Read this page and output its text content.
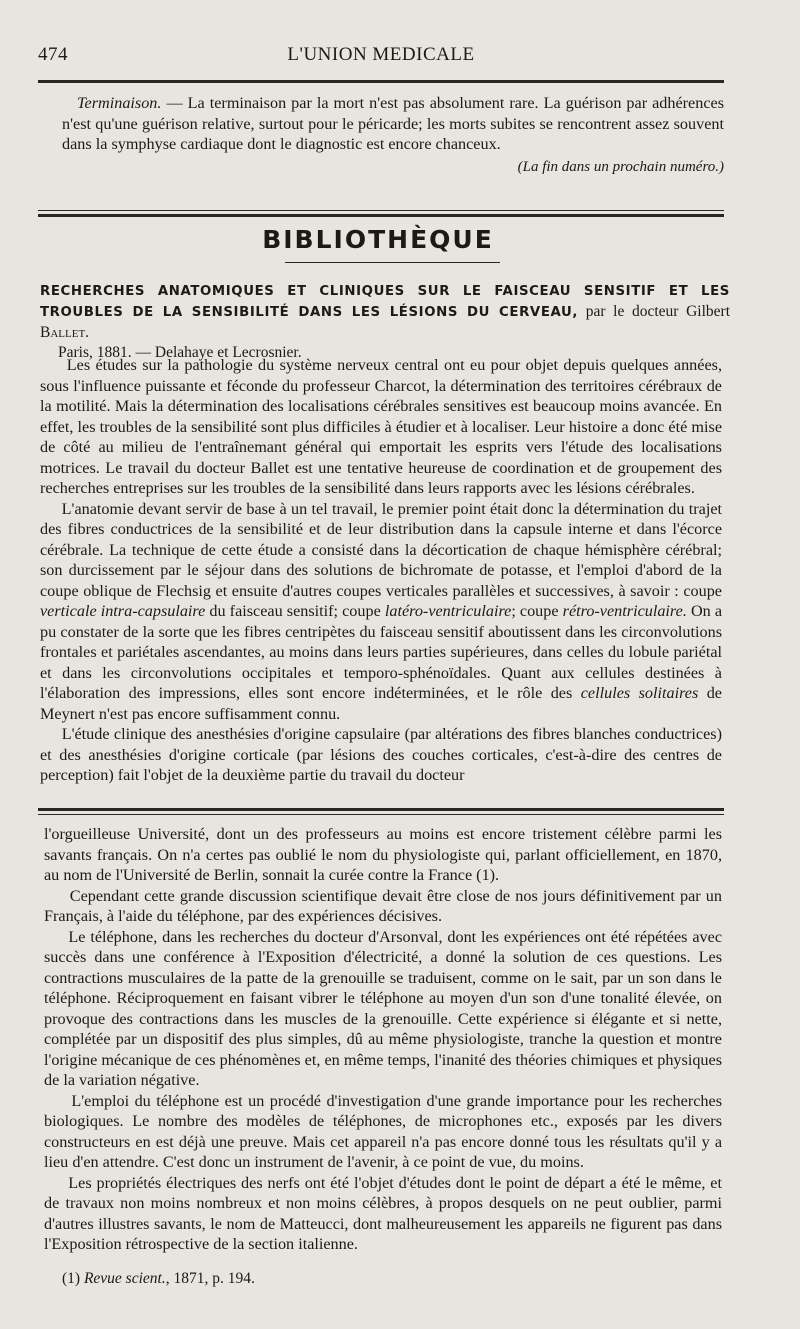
474	L'UNION MEDICALE

Terminaison. — La terminaison par la mort n'est pas absolument rare. La guérison par adhérences n'est qu'une guérison relative, surtout pour le péricarde; les morts subites se rencontrent assez souvent dans la symphyse cardiaque dont le diagnostic est encore chanceux.

(La fin dans un prochain numéro.)
BIBLIOTHÈQUE
RECHERCHES ANATOMIQUES ET CLINIQUES SUR LE FAISCEAU SENSITIF ET LES TROUBLES DE LA SENSIBILITÉ DANS LES LÉSIONS DU CERVEAU, par le docteur Gilbert Ballet.
Paris, 1881. — Delahaye et Lecrosnier.

Les études sur la pathologie du système nerveux central ont eu pour objet depuis quelques années, sous l'influence puissante et féconde du professeur Charcot, la détermination des territoires cérébraux de la motilité. Mais la détermination des localisations cérébrales sensitives est beaucoup moins avancée. En effet, les troubles de la sensibilité sont plus difficiles à étudier et à localiser. Leur histoire a donc été mise de côté au milieu de l'entraînemant général qui emportait les esprits vers l'étude des localisations motrices. Le travail du docteur Ballet est une tentative heureuse de coordination et de groupement des recherches entreprises sur les troubles de la sensibilité dans leurs rapports avec les lésions cérébrales.

L'anatomie devant servir de base à un tel travail, le premier point était donc la détermination du trajet des fibres conductrices de la sensibilité et de leur distribution dans la capsule interne et dans l'écorce cérébrale. La technique de cette étude a consisté dans la décortication de chaque hémisphère cérébral; son durcissement par le séjour dans des solutions de bichromate de potasse, et l'emploi d'abord de la coupe oblique de Flechsig et ensuite d'autres coupes verticales parallèles et successives, à savoir : coupe verticale intra-capsulaire du faisceau sensitif; coupe latéro-ventriculaire; coupe rétro-ventriculaire. On a pu constater de la sorte que les fibres centripètes du faisceau sensitif aboutissent dans les circonvolutions frontales et pariétales ascendantes, au moins dans leurs parties supérieures, dans celles du lobule pariétal et dans les circonvolutions occipitales et temporo-sphénoïdales. Quant aux cellules destinées à l'élaboration des impressions, elles sont encore indéterminées, et le rôle des cellules solitaires de Meynert n'est pas encore suffisamment connu.

L'étude clinique des anesthésies d'origine capsulaire (par altérations des fibres blanches conductrices) et des anesthésies d'origine corticale (par lésions des couches corticales, c'est-à-dire des centres de perception) fait l'objet de la deuxième partie du travail du docteur

l'orgueilleuse Université, dont un des professeurs au moins est encore tristement célèbre parmi les savants français. On n'a certes pas oublié le nom du physiologiste qui, parlant officiellement, en 1870, au nom de l'Université de Berlin, sonnait la curée contre la France (1).

Cependant cette grande discussion scientifique devait être close de nos jours définitivement par un Français, à l'aide du téléphone, par des expériences décisives.

Le téléphone, dans les recherches du docteur d'Arsonval, dont les expériences ont été répétées avec succès dans une conférence à l'Exposition d'électricité, a donné la solution de ces questions. Les contractions musculaires de la patte de la grenouille se traduisent, comme on le sait, par un son dans le téléphone. Réciproquement en faisant vibrer le téléphone au moyen d'un son d'une tonalité élevée, on provoque des contractions dans les muscles de la grenouille. Cette expérience si élégante et si nette, complétée par un dispositif des plus simples, dû au même physiologiste, tranche la question et montre l'origine mécanique de ces phénomènes et, en même temps, l'inanité des théories chimiques et physiques de la variation négative.

L'emploi du téléphone est un procédé d'investigation d'une grande importance pour les recherches biologiques. Le nombre des modèles de téléphones, de microphones etc., exposés par les divers constructeurs en est déjà une preuve. Mais cet appareil n'a pas encore donné tous les résultats qu'il y a lieu d'en attendre. C'est donc un instrument de l'avenir, à ce point de vue, du moins.

Les propriétés électriques des nerfs ont été l'objet d'études dont le point de départ a été le même, et de travaux non moins nombreux et non moins célèbres, à propos desquels on ne peut oublier, parmi d'autres illustres savants, le nom de Matteucci, dont malheureusement les appareils ne figurent pas dans l'Exposition rétrospective de la section italienne.

(1) Revue scient., 1871, p. 194.
